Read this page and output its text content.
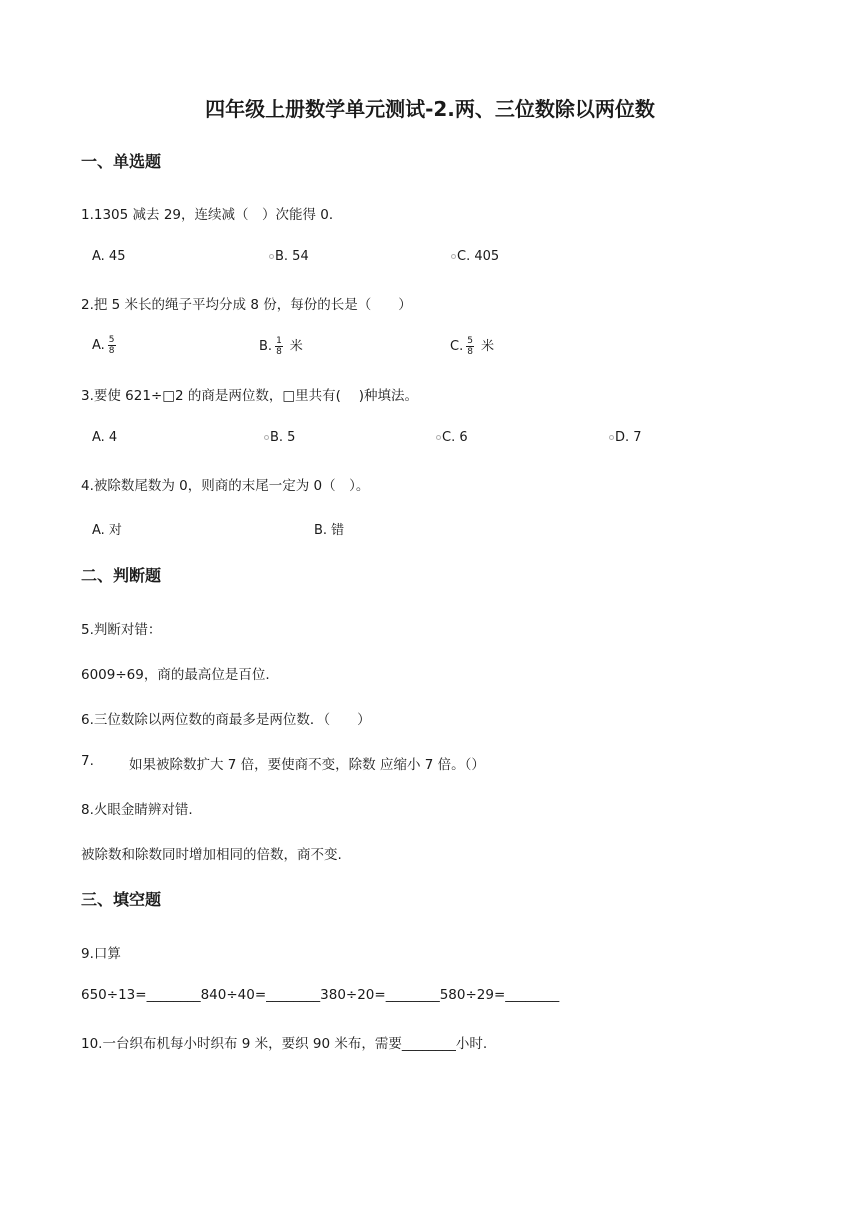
四年级上册数学单元测试-2.两、三位数除以两位数
一、单选题
1.1305 减去 29，连续减（　）次能得 0．
A. 45	B. 54	C. 405
2.把 5 米长的绳子平均分成 8 份，每份的长是（　　）
A. $\frac{5}{8}$	B. $\frac{1}{8}$ 米	C. $\frac{5}{8}$ 米
3.要使 621÷□2 的商是两位数，□里共有(　 )种填法。
A. 4	B. 5	C. 6	D. 7
4.被除数尾数为 0，则商的末尾一定为 0（　）。
A. 对	B. 错
二、判断题
5.判断对错：
6009÷69，商的最高位是百位.
6.三位数除以两位数的商最多是两位数．（　　）
7.	如果被除数扩大 7 倍，要使商不变，除数 应缩小 7 倍。（）
8.火眼金睛辨对错.
被除数和除数同时增加相同的倍数，商不变.
三、填空题
9.口算
650÷13=________840÷40=________380÷20=________580÷29=________
10.一台织布机每小时织布 9 米，要织 90 米布，需要________小时.
